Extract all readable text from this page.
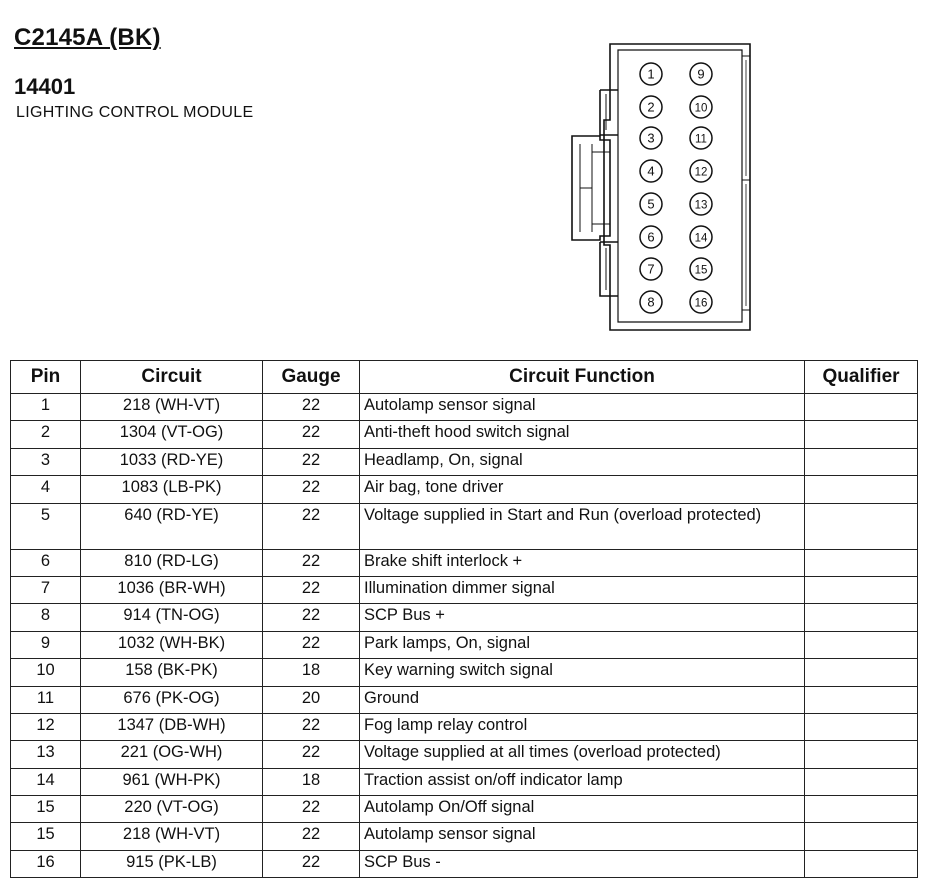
C2145A (BK)
14401
LIGHTING CONTROL MODULE
1
2
3
4
5
6
7
8
9
10
11
12
13
14
15
16
Pin	Circuit	Gauge	Circuit Function	Qualifier
1	218 (WH-VT)	22	Autolamp sensor signal	
2	1304 (VT-OG)	22	Anti-theft hood switch signal	
3	1033 (RD-YE)	22	Headlamp, On, signal	
4	1083 (LB-PK)	22	Air bag, tone driver	
5	640 (RD-YE)	22	Voltage supplied in Start and Run (overload protected)	
6	810 (RD-LG)	22	Brake shift interlock +	
7	1036 (BR-WH)	22	Illumination dimmer signal	
8	914 (TN-OG)	22	SCP Bus +	
9	1032 (WH-BK)	22	Park lamps, On, signal	
10	158 (BK-PK)	18	Key warning switch signal	
11	676 (PK-OG)	20	Ground	
12	1347 (DB-WH)	22	Fog lamp relay control	
13	221 (OG-WH)	22	Voltage supplied at all times (overload protected)	
14	961 (WH-PK)	18	Traction assist on/off indicator lamp	
15	220 (VT-OG)	22	Autolamp On/Off signal	
15	218 (WH-VT)	22	Autolamp sensor signal	
16	915 (PK-LB)	22	SCP Bus -	
